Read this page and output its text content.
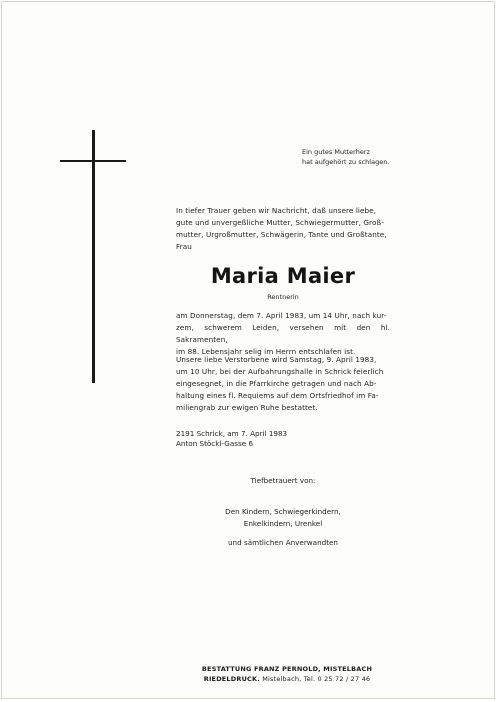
Ein gutes Mutterherz
hat aufgehört zu schlagen.
In tiefer Trauer geben wir Nachricht, daß unsere liebe,
gute und unvergeßliche Mutter, Schwiegermutter, Groß-
mutter, Urgroßmutter, Schwägerin, Tante und Großtante,
Frau
Maria Maier
Rentnerin
am Donnerstag, dem 7. April 1983, um 14 Uhr, nach kur-
zem, schwerem Leiden, versehen mit den hl. Sakramenten,
im 88. Lebensjahr selig im Herrn entschlafen ist.
Unsere liebe Verstorbene wird Samstag, 9. April 1983,
um 10 Uhr, bei der Aufbahrungshalle in Schrick feierlich
eingesegnet, in die Pfarrkirche getragen und nach Ab-
haltung eines fl. Requiems auf dem Ortsfriedhof im Fa-
miliengrab zur ewigen Ruhe bestattet.
2191 Schrick, am 7. April 1983
Anton Stöckl-Gasse 6
Tiefbetrauert von:
Den Kindern, Schwiegerkindern,
Enkelkindern, Urenkel
und sämtlichen Anverwandten
BESTATTUNG FRANZ PERNOLD, MISTELBACH
RIEDELDRUCK. Mistelbach, Tel. 0 25 72 / 27 46
